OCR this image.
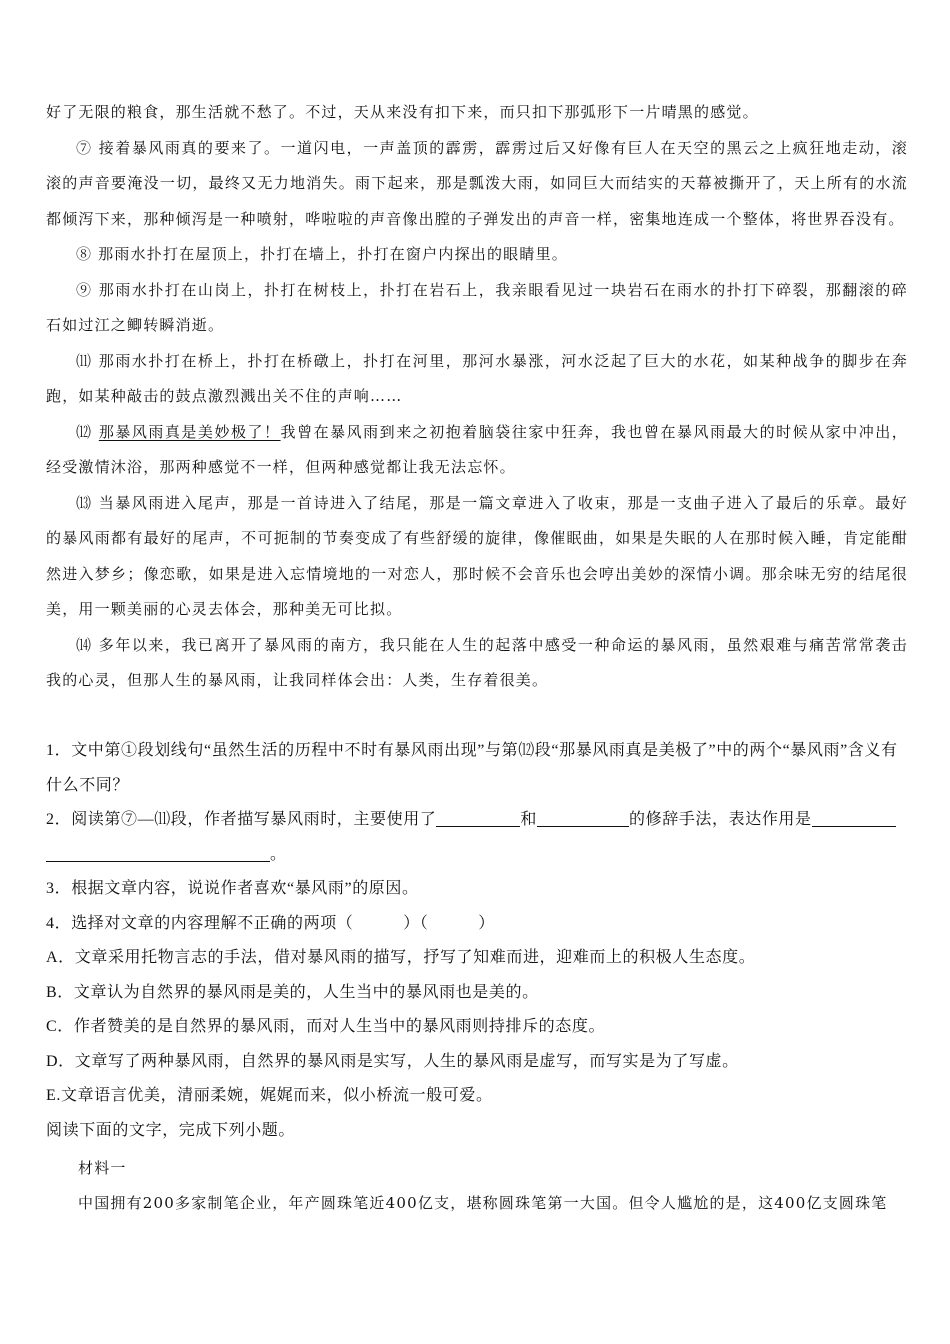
好了无限的粮食，那生活就不愁了。不过，天从来没有扣下来，而只扣下那弧形下一片晴黑的感觉。

⑦ 接着暴风雨真的要来了。一道闪电，一声盖顶的霹雳，霹雳过后又好像有巨人在天空的黑云之上疯狂地走动，滚滚的声音要淹没一切，最终又无力地消失。雨下起来，那是瓢泼大雨，如同巨大而结实的天幕被撕开了，天上所有的水流都倾泻下来，那种倾泻是一种喷射，哗啦啦的声音像出膛的子弹发出的声音一样，密集地连成一个整体，将世界吞没有。

⑧ 那雨水扑打在屋顶上，扑打在墙上，扑打在窗户内探出的眼睛里。

⑨ 那雨水扑打在山岗上，扑打在树枝上，扑打在岩石上，我亲眼看见过一块岩石在雨水的扑打下碎裂，那翻滚的碎石如过江之鲫转瞬消逝。

⑾ 那雨水扑打在桥上，扑打在桥礅上，扑打在河里，那河水暴涨，河水泛起了巨大的水花，如某种战争的脚步在奔跑，如某种敲击的鼓点激烈溅出关不住的声响……

⑿ 那暴风雨真是美妙极了！我曾在暴风雨到来之初抱着脑袋往家中狂奔，我也曾在暴风雨最大的时候从家中冲出，经受激情沐浴，那两种感觉不一样，但两种感觉都让我无法忘怀。

⒀ 当暴风雨进入尾声，那是一首诗进入了结尾，那是一篇文章进入了收束，那是一支曲子进入了最后的乐章。最好的暴风雨都有最好的尾声，不可扼制的节奏变成了有些舒缓的旋律，像催眠曲，如果是失眠的人在那时候入睡，肯定能酣然进入梦乡；像恋歌，如果是进入忘情境地的一对恋人，那时候不会音乐也会哼出美妙的深情小调。那余味无穷的结尾很美，用一颗美丽的心灵去体会，那种美无可比拟。

⒁ 多年以来，我已离开了暴风雨的南方，我只能在人生的起落中感受一种命运的暴风雨，虽然艰难与痛苦常常袭击我的心灵，但那人生的暴风雨，让我同样体会出：人类，生存着很美。

1．文中第①段划线句“虽然生活的历程中不时有暴风雨出现”与第⑿段“那暴风雨真是美极了”中的两个“暴风雨”含义有什么不同？

2．阅读第⑦—⑾段，作者描写暴风雨时，主要使用了	和	的修辞手法，表达作用是
。

3．根据文章内容，说说作者喜欢“暴风雨”的原因。

4．选择对文章的内容理解不正确的两项（　　　）（　　　）

A．文章采用托物言志的手法，借对暴风雨的描写，抒写了知难而进，迎难而上的积极人生态度。

B．文章认为自然界的暴风雨是美的，人生当中的暴风雨也是美的。

C．作者赞美的是自然界的暴风雨，而对人生当中的暴风雨则持排斥的态度。

D．文章写了两种暴风雨，自然界的暴风雨是实写，人生的暴风雨是虚写，而写实是为了写虚。

E.文章语言优美，清丽柔婉，娓娓而来，似小桥流一般可爱。

阅读下面的文字，完成下列小题。

材料一

中国拥有200多家制笔企业，年产圆珠笔近400亿支，堪称圆珠笔第一大国。但令人尴尬的是，这400亿支圆珠笔
